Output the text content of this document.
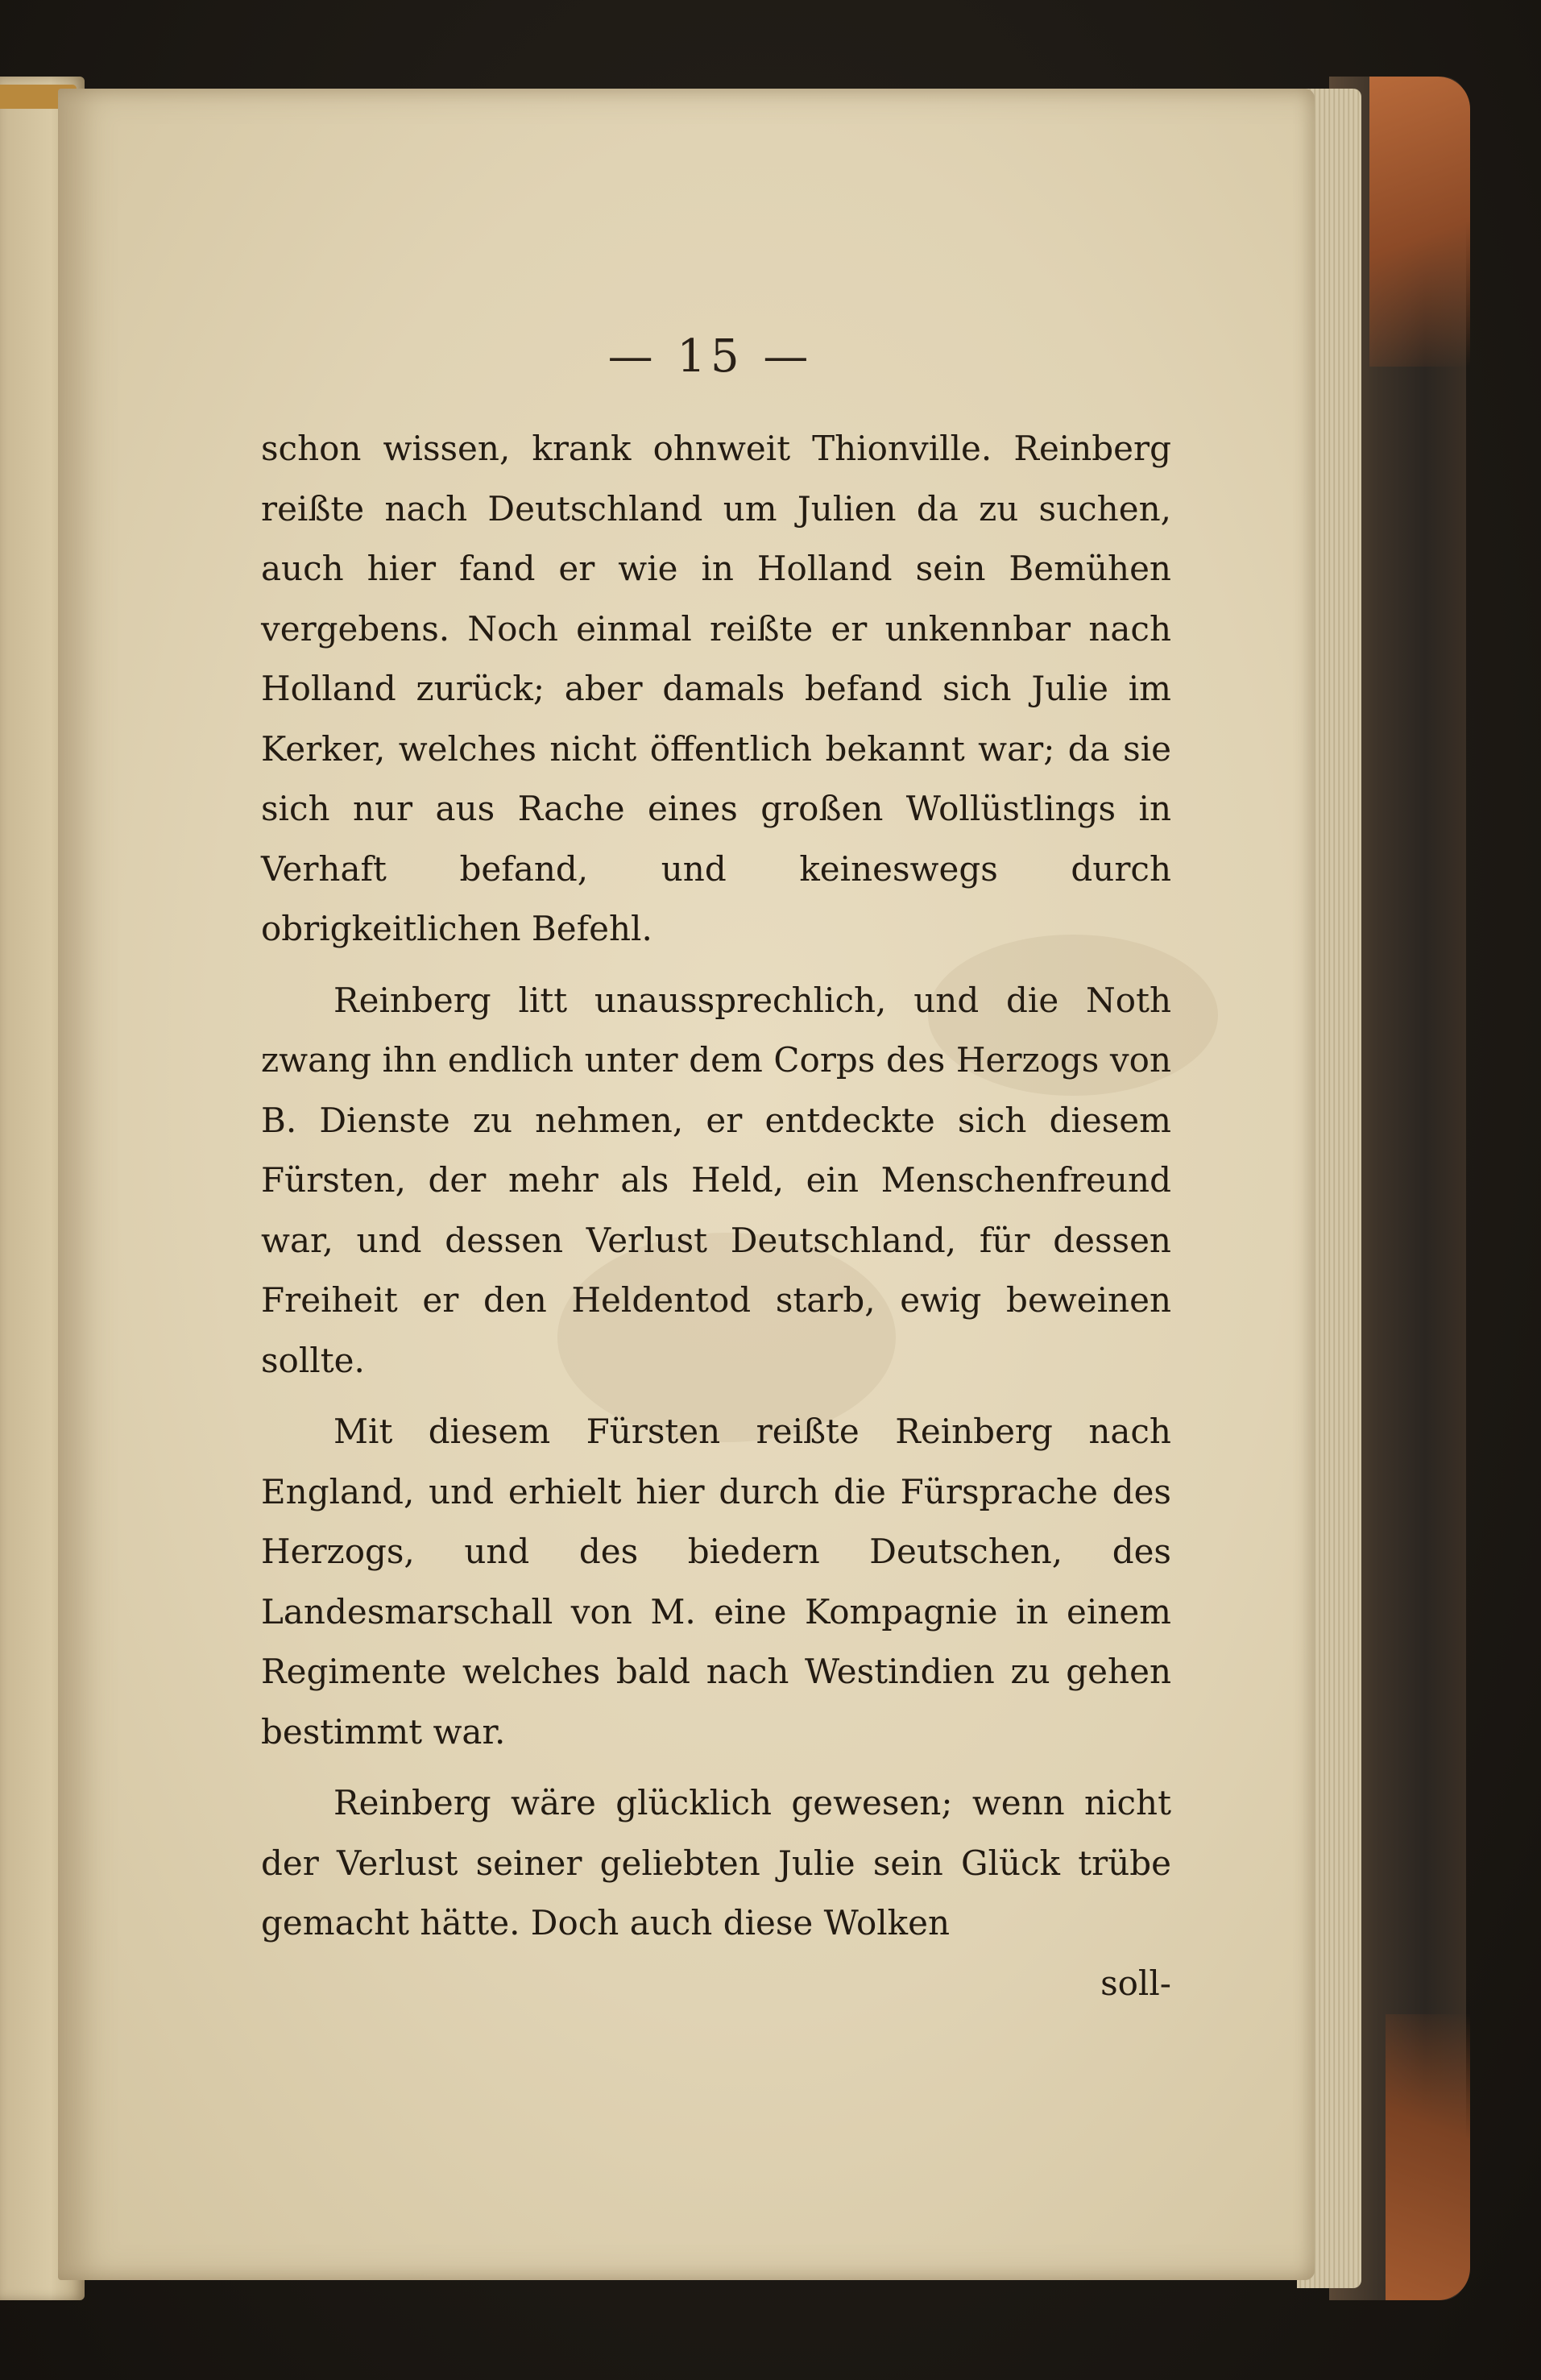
— 15 —

schon wissen, krank ohnweit Thionville. Reinberg reißte nach Deutschland um Julien da zu suchen, auch hier fand er wie in Holland sein Bemühen vergebens. Noch einmal reißte er unkennbar nach Holland zurück; aber damals befand sich Julie im Kerker, welches nicht öffentlich bekannt war; da sie sich nur aus Rache eines großen Wollüstlings in Verhaft befand, und keineswegs durch obrigkeitlichen Befehl.

Reinberg litt unaussprechlich, und die Noth zwang ihn endlich unter dem Corps des Herzogs von B. Dienste zu nehmen, er entdeckte sich diesem Fürsten, der mehr als Held, ein Menschenfreund war, und dessen Verlust Deutschland, für dessen Freiheit er den Heldentod starb, ewig beweinen sollte.

Mit diesem Fürsten reißte Reinberg nach England, und erhielt hier durch die Fürsprache des Herzogs, und des biedern Deutschen, des Landesmarschall von M. eine Kompagnie in einem Regimente welches bald nach Westindien zu gehen bestimmt war.

Reinberg wäre glücklich gewesen; wenn nicht der Verlust seiner geliebten Julie sein Glück trübe gemacht hätte. Doch auch diese Wolken

soll-
